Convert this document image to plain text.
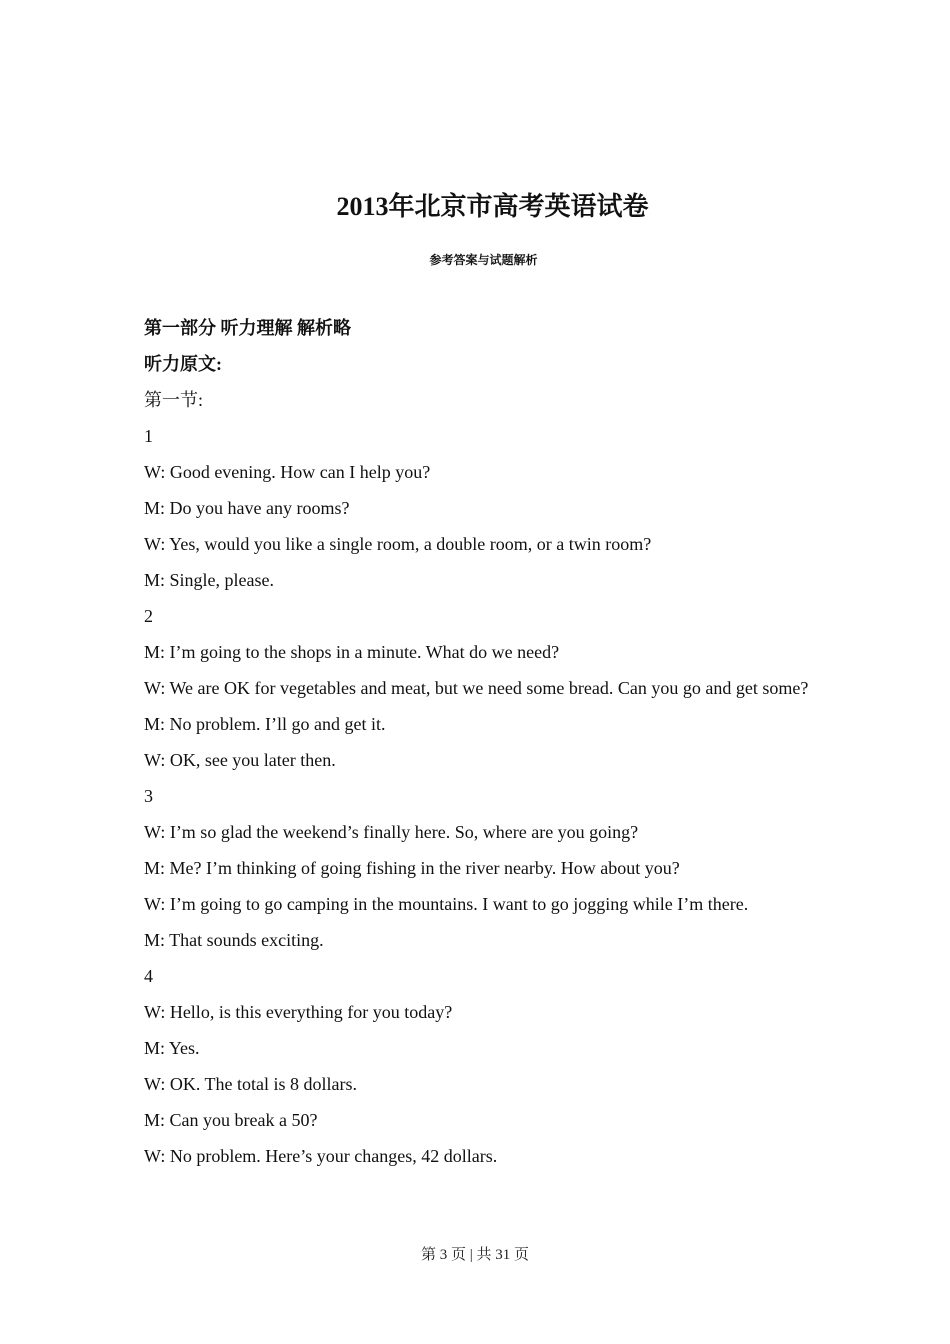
2013年北京市高考英语试卷
参考答案与试题解析
第一部分 听力理解 解析略
听力原文:
第一节:
1
W: Good evening. How can I help you?
M: Do you have any rooms?
W: Yes, would you like a single room, a double room, or a twin room?
M: Single, please.
2
M: I’m going to the shops in a minute. What do we need?
W: We are OK for vegetables and meat, but we need some bread. Can you go and get some?
M: No problem. I’ll go and get it.
W: OK, see you later then.
3
W: I’m so glad the weekend’s finally here. So, where are you going?
M: Me? I’m thinking of going fishing in the river nearby. How about you?
W: I’m going to go camping in the mountains. I want to go jogging while I’m there.
M: That sounds exciting.
4
W: Hello, is this everything for you today?
M: Yes.
W: OK. The total is 8 dollars.
M: Can you break a 50?
W: No problem. Here’s your changes, 42 dollars.
第 3 页 | 共 31 页
